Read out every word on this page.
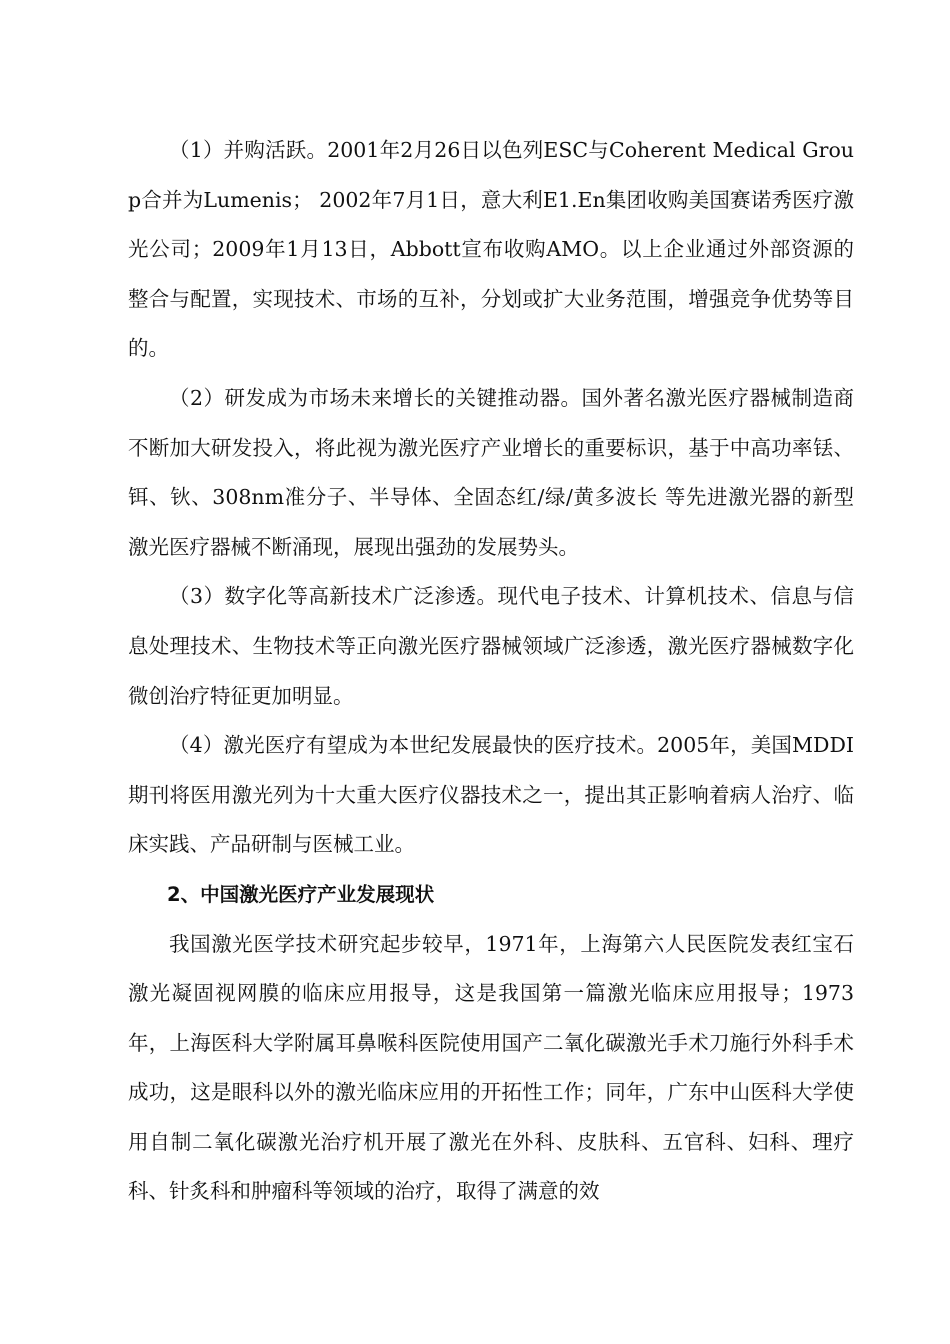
（1）并购活跃。2001年2月26日以色列ESC与Coherent Medical Group合并为Lumenis； 2002年7月1日，意大利E1.En集团收购美国赛诺秀医疗激光公司；2009年1月13日，Abbott宣布收购AMO。以上企业通过外部资源的整合与配置，实现技术、市场的互补，分划或扩大业务范围，增强竞争优势等目的。

（2）研发成为市场未来增长的关键推动器。国外著名激光医疗器械制造商不断加大研发投入，将此视为激光医疗产业增长的重要标识，基于中高功率铥、铒、钬、308nm准分子、半导体、全固态红/绿/黄多波长 等先进激光器的新型激光医疗器械不断涌现，展现出强劲的发展势头。

（3）数字化等高新技术广泛渗透。现代电子技术、计算机技术、信息与信息处理技术、生物技术等正向激光医疗器械领域广泛渗透，激光医疗器械数字化微创治疗特征更加明显。

（4）激光医疗有望成为本世纪发展最快的医疗技术。2005年，美国MDDI期刊将医用激光列为十大重大医疗仪器技术之一，提出其正影响着病人治疗、临床实践、产品研制与医械工业。

2、中国激光医疗产业发展现状

我国激光医学技术研究起步较早，1971年，上海第六人民医院发表红宝石激光凝固视网膜的临床应用报导，这是我国第一篇激光临床应用报导；1973年，上海医科大学附属耳鼻喉科医院使用国产二氧化碳激光手术刀施行外科手术成功，这是眼科以外的激光临床应用的开拓性工作；同年，广东中山医科大学使用自制二氧化碳激光治疗机开展了激光在外科、皮肤科、五官科、妇科、理疗科、针炙科和肿瘤科等领域的治疗，取得了满意的效
